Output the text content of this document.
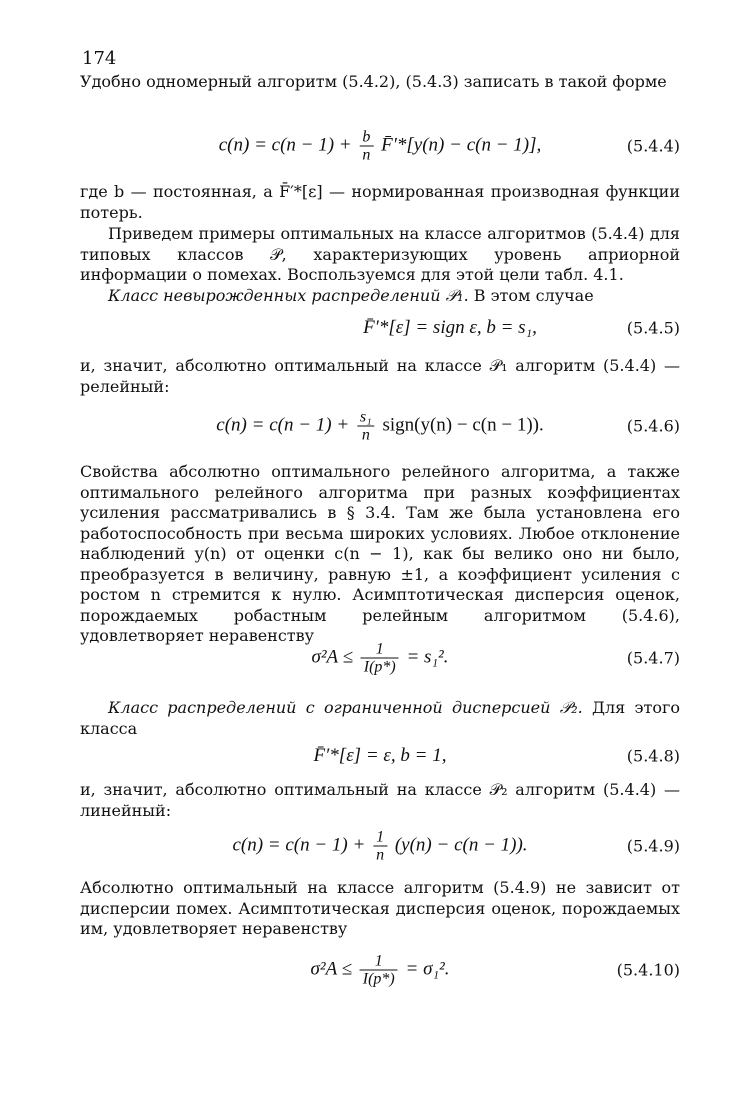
174

Удобно одномерный алгоритм (5.4.2), (5.4.3) записать в такой форме

$c(n) = c(n - 1) + \frac{b}{n}$ F̄′*[y(n) − c(n − 1)],	(5.4.4)

где b — постоянная, а F̄′*[ε] — нормированная производная функции потерь.

Приведем примеры оптимальных на классе алгоритмов (5.4.4) для типовых классов 𝒫, характеризующих уровень априорной информации о помехах. Воспользуемся для этой цели табл. 4.1.

Класс невырожденных распределений 𝒫₁. В этом случае

F̄′*[ε] = sign ε, b = s₁,	(5.4.5)

и, значит, абсолютно оптимальный на классе 𝒫₁ алгоритм (5.4.4) — релейный:

$c(n) = c(n - 1) + \frac{\text{s₁}}{n}$ sign(y(n) − c(n − 1)).	(5.4.6)

Свойства абсолютно оптимального релейного алгоритма, а также оптимального релейного алгоритма при разных коэффициентах усиления рассматривались в § 3.4. Там же была установлена его работоспособность при весьма широких условиях. Любое отклонение наблюдений y(n) от оценки c(n − 1), как бы велико оно ни было, преобразуется в величину, равную ±1, а коэффициент усиления с ростом n стремится к нулю. Асимптотическая дисперсия оценок, порождаемых робастным релейным алгоритмом (5.4.6), удовлетворяет неравенству

$\sigma^2A \le \frac{1}{I(p*)} = s_1^2$.	(5.4.7)

Класс распределений с ограниченной дисперсией 𝒫₂. Для этого класса

F̄′*[ε] = ε, b = 1,	(5.4.8)

и, значит, абсолютно оптимальный на классе 𝒫₂ алгоритм (5.4.4) — линейный:

$c(n) = c(n - 1) + \frac{1}{n} (y(n) - c(n - 1))$.	(5.4.9)

Абсолютно оптимальный на классе алгоритм (5.4.9) не зависит от дисперсии помех. Асимптотическая дисперсия оценок, порождаемых им, удовлетворяет неравенству

$\sigma^2A \le \frac{1}{I(p*)} = \sigma_1^2$.	(5.4.10)
